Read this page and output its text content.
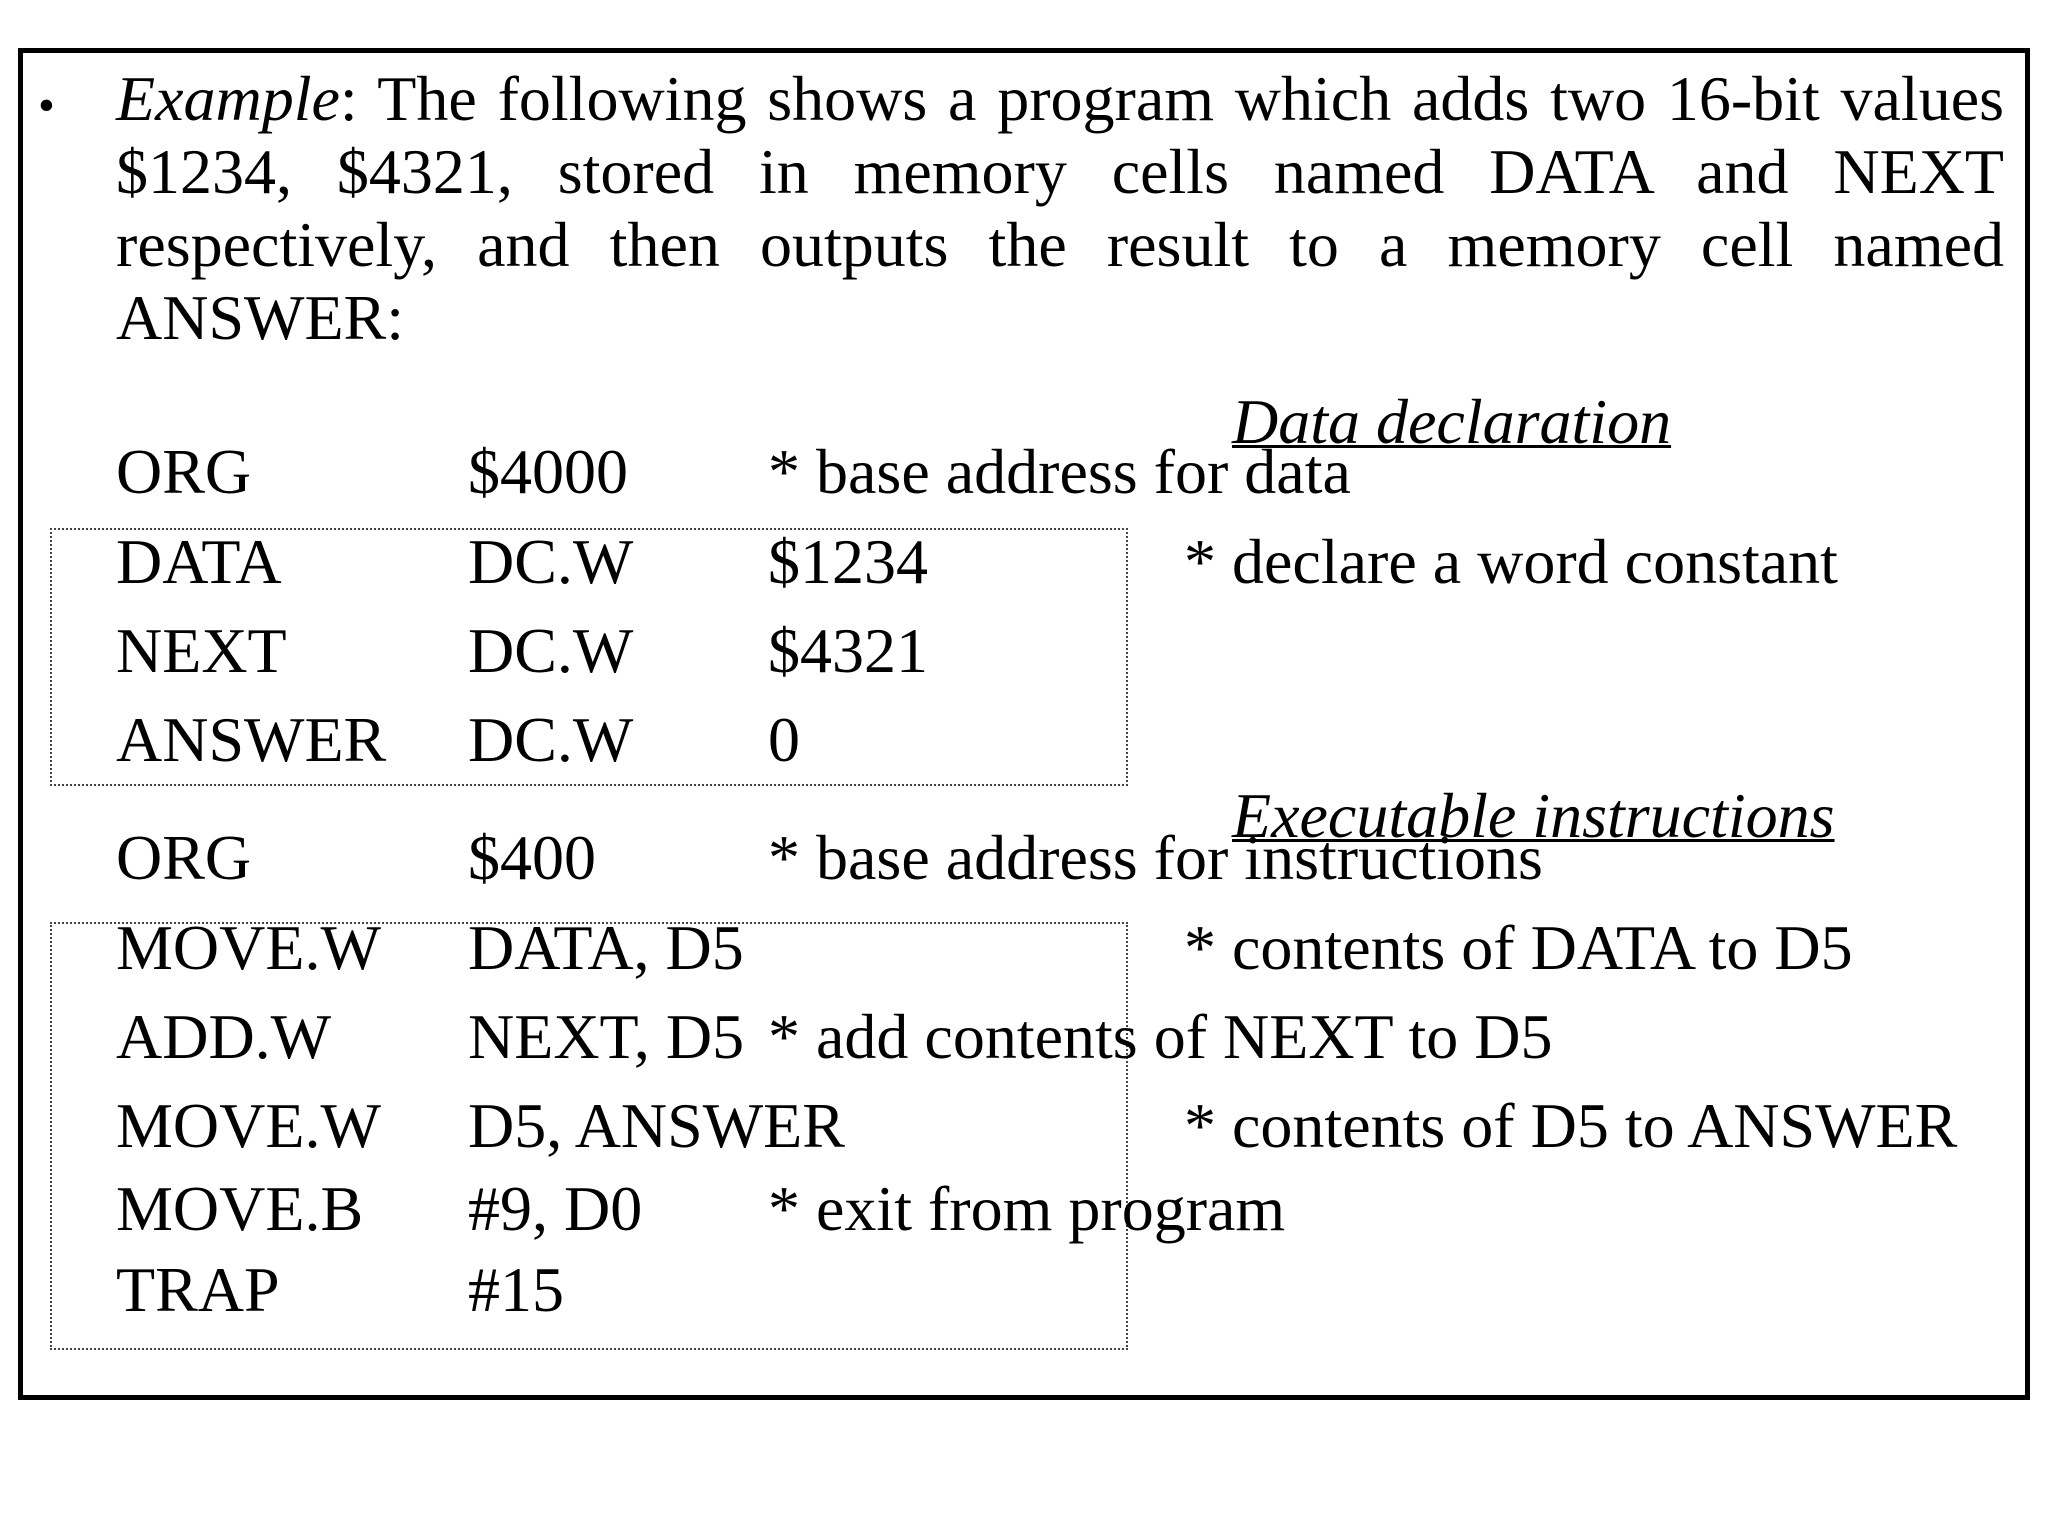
• Example: The following shows a program which adds two 16-bit values $1234, $4321, stored in memory cells named DATA and NEXT respectively, and then outputs the result to a memory cell named ANSWER:

Data declaration
Executable instructions
ORG	$4000 * base address for data
DATA	DC.W $1234	* declare a word constant
NEXT	DC.W $4321
ANSWER DC.W 0
ORG	$400	* base address for instructions
MOVE.W DATA, D5	* contents of DATA to D5
ADD.W NEXT, D5 * add contents of NEXT to D5
MOVE.W D5, ANSWER	* contents of D5 to ANSWER
MOVE.B #9, D0 * exit from program
TRAP	#15
